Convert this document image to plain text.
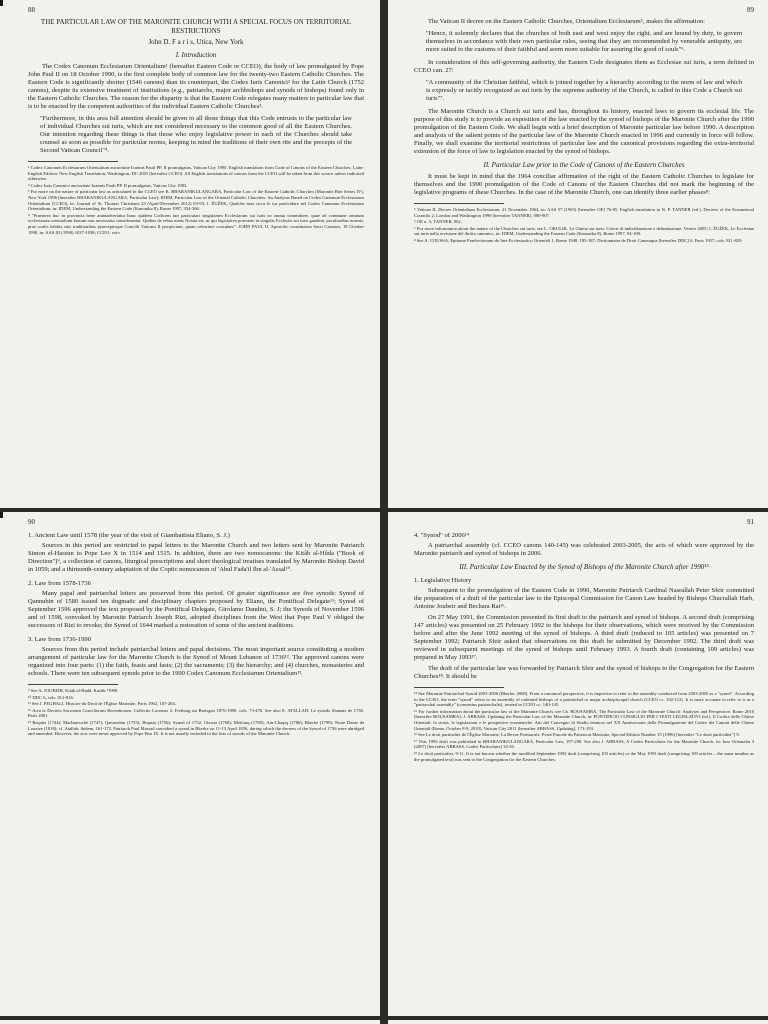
88
THE PARTICULAR LAW OF THE MARONITE CHURCH WITH A SPECIAL FOCUS ON TERRITORIAL RESTRICTIONS
John D. F a r i s, Utica, New York
I. Introduction

The Codex Canonum Ecclesiarum Orientalium¹ (hereafter Eastern Code or CCEO), the body of law promulgated by Pope John Paul II on 18 October 1990, is the first complete body of common law for the twenty-two Eastern Catholic Churches. The Eastern Code is significantly shorter (1546 canons) than its counterpart, the Codex Iuris Canonici² for the Latin Church (1752 canons), despite its extensive treatment of institutions (e.g., patriarchs, major archbishops and synods of bishops) found only in the Eastern Catholic Churches. The reason for the disparity is that the Eastern Code relegates many matters to particular law that is to be enacted by the competent authorities of the individual Eastern Catholic Churches³.

"Furthermore, in this area full attention should be given to all those things that this Code entrusts to the particular law of individual Churches sui iuris, which are not considered necessary to the common good of all the Eastern Churches. Our intention regarding these things is that those who enjoy legislative power in each of the Churches should take counsel as soon as possible for particular norms, keeping in mind the traditions of their own rite and the precepts of the Second Vatican Council"⁴.
¹ Codex Canonum Ecclesiarum Orientalium auctoritate Ioannis Pauli PP. II promulgatus, Vatican City 1990. English translation from Code of Canons of the Eastern Churches. Latin-English Edition: New English Translation, Washington, DC 2001 [hereafter CCEO]. All English translations of canons from the CCEO will be taken from this source unless indicated otherwise.
² Codex Iuris Canonici auctoritate Ioannis Pauli PP. II promulgatus, Vatican City 1983.
³ For more on the nature of particular law as articulated in the CCEO see K. BHARANIKULANGARA, Particular Law of the Eastern Catholic Churches (Maronite Rite Series IV), New York 1996 [hereafter BHARANIKULANGARA, Particular Law]; IDEM, Particular Law of the Oriental Catholic Churches: An Analysis Based on Codex Canonum Ecclesiarum Orientalium (CCEO), in: Journal of St. Thomas Christians 23 (April-December 2012) 83-93; I. ŽUŽEK, Qualche nota circa lo ius particulare nel Codex Canonum Ecclesiarum Orientalium, in: IDEM, Understanding the Eastern Code (Kanonika 8), Rome 1997, 354-366.
⁴ "Praeterea huc in provincia bene animadvertatur hunc quidem Codicem iuri particulari singularum Ecclesiarum sui iuris ea omnia committere, quae ad commune omnium ecclesiarum orientalium bonum non necessaria considerantur. Quibus de rebus mens Nostra est, ut qui legislativa potestate in singulis Ecclesiis sui iuris gaudent, peculiaribus normis, prae oculis habitis suis traditionibus praeceptisque Concilii Vaticani II prospiciant, quam celerrime consulant": JOHN PAUL II, Apostolic constitution Sacri Canones, 18 October 1990, in: AAS 82 (1990) 1037-1038; CCEO, xxiv.
89

The Vatican II decree on the Eastern Catholic Churches, Orientalium Ecclesiarum⁵, makes the affirmation:

"Hence, it solemnly declares that the churches of both east and west enjoy the right, and are bound by duty, to govern themselves in accordance with their own particular rules, seeing that they are recommended by venerable antiquity, are more suited to the customs of their faithful and seem more suitable for assuring the good of souls"⁶.

In consideration of this self-governing authority, the Eastern Code designates them as Ecclesiae sui iuris, a term defined in CCEO can. 27:

"A community of the Christian faithful, which is joined together by a hierarchy according to the norm of law and which is expressly or tacitly recognized as sui iuris by the supreme authority of the Church, is called in this Code a Church sui iuris"⁷.

The Maronite Church is a Church sui iuris and has, throughout its history, enacted laws to govern its ecclesial life. The purpose of this study is to provide an exposition of the law enacted by the synod of bishops of the Maronite Church after the 1990 promulgation of the Eastern Code. We shall begin with a brief description of Maronite particular law before 1990. A description and analysis of the salient points of the particular law of the Maronite Church enacted in 1996 and currently in force will follow. Finally, we shall examine the territorial restrictions of particular law and the canonical provisions regarding the extra-territorial extension of the force of law to legislation enacted by the synod of bishops.

II. Particular Law prior to the Code of Canons of the Eastern Churches

It must be kept in mind that the 1964 conciliar affirmation of the right of the Eastern Catholic Churches to legislate for themselves and the 1990 promulgation of the Code of Canons of the Eastern Churches did not mark the beginning of the legislative programs of these Churches. In the case of the Maronite Church, one can identify three earlier phases⁸:

⁵ Vatican II, Decree Orientalium Ecclesiarum, 21 November 1964, in: AAS 57 (1965) [hereafter OE] 76-85. English translation in N. P. TANNER (ed.), Decrees of the Ecumenical Councils 2, London and Washington 1990 [hereafter TANNER], 900-907.
⁶ OE n. 5; TANNER, 902.
⁷ For more information about the nature of the Churches sui iuris, see L. OKULIK, Le Chiese sui iuris. Criteri di individuazione e delimitazione, Venice 2005; I. ŽUŽEK, Le Ecclesiae sui iuris nella revisione del diritto canonico, in: IDEM, Understanding the Eastern Code (Kanonika 8), Rome 1997, 94-109.
⁸ See A. COUSSA, Epitome Praelectionum de Iure Ecclesiastico Orientali 1, Rome 1948, 185-187; Dictionnaire de Droit Canonique [hereafter DDC] 6, Paris 1957, cols. 811-829.
90
1. Ancient Law until 1578 (the year of the visit of Giambattista Eliano, S. J.)

Sources in this period are restricted to papal letters to the Maronite Church and two letters sent by Maronite Patriarch Simon el-Hassun to Pope Leo X in 1514 and 1515. In addition, there are two nomocanons: the Kitâb al-Hûda ("Book of Direction")⁹, a collection of canons, liturgical prescriptions and short theological treatises translated by Maronite Bishop David in 1059; and a thirteenth-century adaptation of the Coptic nomocanon of 'Abul Fada'il Ibn al-'Assal¹⁰.

2. Law from 1578-1736

Many papal and patriarchal letters are preserved from this period. Of greater significance are five synods: Synod of Qannubin of 1580 issued ten dogmatic and disciplinary chapters proposed by Eliano, the Pontifical Delegate¹¹; Synod of September 1596 approved the text proposed by the Pontifical Delegate, Girolamo Dandini, S. J; the Synods of November 1596 and of 1598, convoked by Maronite Patriarch Joseph Rizi, adopted disciplines from the West that Pope Paul V obliged the successors of Rizi to revoke; the Synod of 1644 marked a restoration of some of the ancient traditions.

3. Law from 1736-1990

Sources from this period include patriarchal letters and papal decisions. The most important source constituting a modern arrangement of particular law for the Maronite Church is the Synod of Mount Lebanon of 1736¹². The approved canons were organized into four parts: (1) the faith, feasts and fasts; (2) the sacraments; (3) the hierarchy; and (4) churches, monasteries and schools. There were ten subsequent synods prior to the 1990 Codex Canonum Ecclesiarum Orientalium¹³.

⁹ See A. JOUBEIR, Kitâb al-Hudâ, Kaslik ²1990.
¹⁰ DDC 6, cols. 812-816.
¹¹ See J. PEGHALI, Histoire du Droit de l'Église Maronite, Paris 1962, 107-204.
¹² Acta et Decreta Sacrorum Conciliorum Recentiorum. Collectio Lacensis 2, Freiburg im Breisgau 1876-1890, cols. 73-476. See also E. ATALLAH, Le synode libanais de 1736, Paris 2001.
¹³ Bsqatta (1744); Machmouché (1747); Qannoubin (1755); Bsqatta (1756); Synod of 1752; Ghosta (1768); Meifouq (1780); Ain-Chaqiq (1786); Bkerke (1790); Notre Dame de Louaize (1818); cf. Atallah, ibidem, 161-172. Patriarch Paul Massad convoked a synod in Bkerke on 11-13 April 1856, during which the decrees of the Synod of 1736 were abridged and amended. However, the acts were never approved by Pope Pius IX. It is not usually included in the lists of synods of the Maronite Church.
91
4. "Synod" of 2006¹⁴

A patriarchal assembly (cf. CCEO canons 140-145) was celebrated 2003-2005, the acts of which were approved by the Maronite patriarch and synod of bishops in 2006.

III. Particular Law Enacted by the Synod of Bishops of the Maronite Church after 1990¹⁵
1. Legislative History

Subsequent to the promulgation of the Eastern Code in 1990, Maronite Patriarch Cardinal Nasrallah Peter Sfeir committed the preparation of a draft of the particular law to the Episcopal Commission for Canon Law headed by Bishops Chucrallah Harb, Antoine Joubeir and Bechara Rai¹⁶.

On 27 May 1991, the Commission presented its first draft to the patriarch and synod of bishops. A second draft (comprising 147 articles) was presented on 25 February 1992 to the bishops for their observations, which were received by the Commission before and after the June 1992 meeting of the synod of bishops. A third draft (reduced to 105 articles) was presented on 7 September 1992; Patriarch Sfeir asked that observations on this draft be submitted by December 1992. The third draft was reviewed in subsequent meetings of the synod of bishops until February 1993. A fourth draft (containing 109 articles) was prepared in May 1993¹⁷.

The draft of the particular law was forwarded by Patriarch Sfeir and the synod of bishops to the Congregation for the Eastern Churches¹⁸. It should be

¹⁴ See Maronite Patriarchal Synod 2003-2006 (Bkerke, 2008). From a canonical perspective, it is imprecise to refer to the assembly conducted from 2003-2005 as a "synod". According to the CCEO, the term "synod" refers to an assembly of ordained bishops of a patriarchal or major archiepiscopal church (CCEO cc. 102-113). It is more accurate to refer to it as a "patriarchal assembly" (conventus patriarchalis), treated in CCEO cc. 140-145.
¹⁵ For further information about the particular law of the Maronite Church, see Ch. BOUSAMRA, The Particular Law of the Maronite Church: Analyses and Perspective, Rome 2010 [hereafter BOUSAMRA]; J. ABBASS, Updating the Particular Law of the Maronite Church, in: PONTIFICIO CONSIGLIO PER I TESTI LEGISLATIVI (ed.), Il Codice delle Chiese Orientali: la storia, le legislazioni e le prospettive ecumeniche. Atti del Convegno di Studio tenutosi nel XX Anniversario della Promulgazione del Codex dei Canoni delle Chiese Orientali (Rome, October 8-9, 2010), Vatican City 2011 [hereafter ABBASS, Updating], 173-193.
¹⁶ See Le droit particulier de l'Église Maronite, La Revue Patriarcale. Poste Pascale du Patriarcat Maronite, Special Edition Number 15 (1996) [hereafter "Le droit particulier"] 9.
¹⁷ This 1993 draft was published in BHARANIKULANGARA, Particular Law, 197-208. See also J. ABBASS, A Codex Particularis for the Maronite Church, in: Iura Orientalia 3 (2007) [hereafter ABBASS, Codex Particularis] 14-36.
¹⁸ Le droit particulier, 9-11. It is not known whether the modified September 1992 draft (comprising 105 articles) or the May 1993 draft (comprising 109 articles – the same number as the promulgated text) was sent to the Congregation for the Eastern Churches.
